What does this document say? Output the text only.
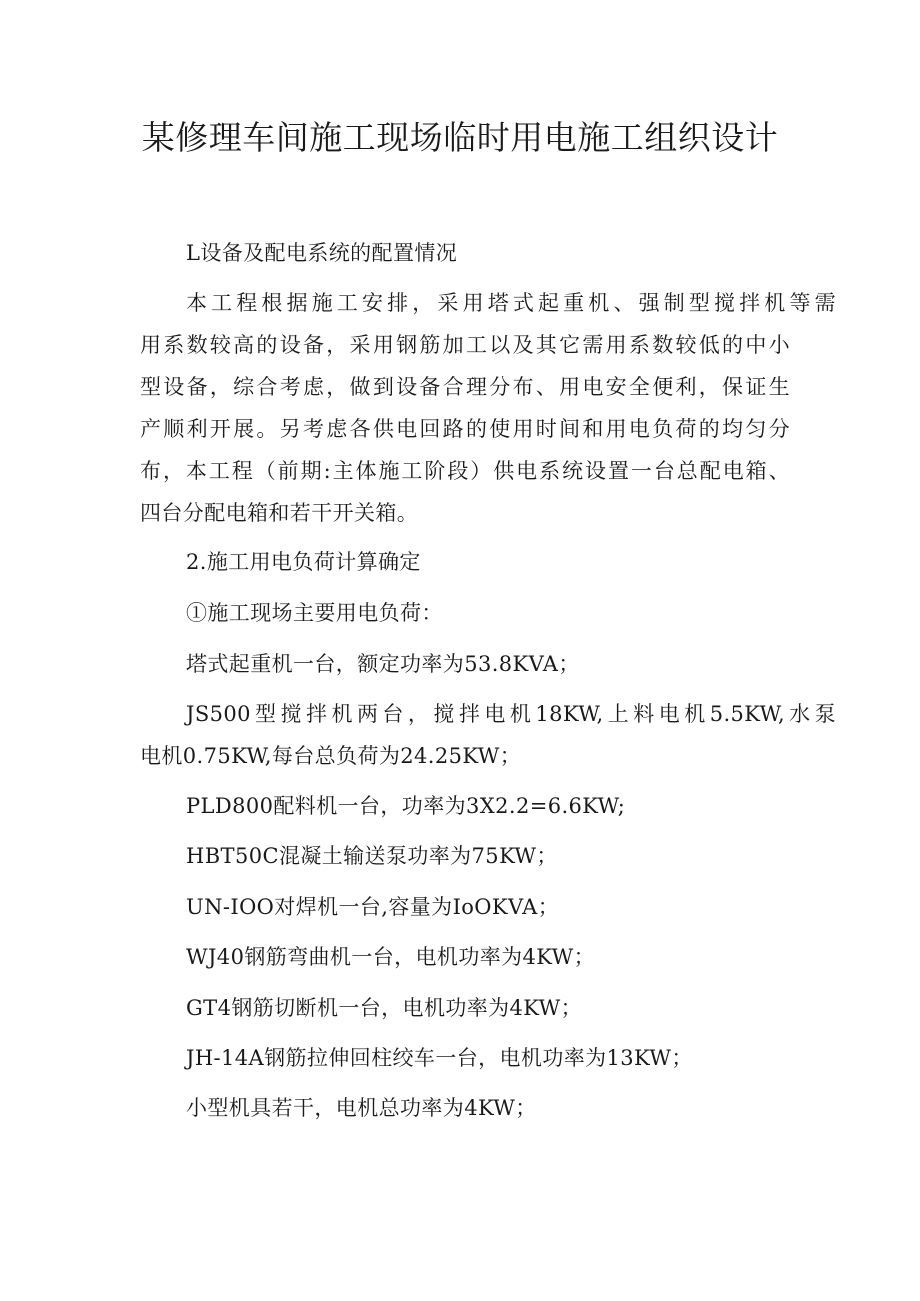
某修理车间施工现场临时用电施工组织设计

L设备及配电系统的配置情况

本工程根据施工安排，采用塔式起重机、强制型搅拌机等需

用系数较高的设备，采用钢筋加工以及其它需用系数较低的中小

型设备，综合考虑，做到设备合理分布、用电安全便利，保证生

产顺利开展。另考虑各供电回路的使用时间和用电负荷的均匀分

布，本工程（前期:主体施工阶段）供电系统设置一台总配电箱、

四台分配电箱和若干开关箱。

2.施工用电负荷计算确定

①施工现场主要用电负荷：

塔式起重机一台，额定功率为53.8KVA；

JS500型搅拌机两台，搅拌电机18KW,上料电机5.5KW,水泵

电机0.75KW,每台总负荷为24.25KW；

PLD800配料机一台，功率为3X2.2=6.6KW;

HBT50C混凝土输送泵功率为75KW；

UN-IOO对焊机一台,容量为IoOKVA；

WJ40钢筋弯曲机一台，电机功率为4KW；

GT4钢筋切断机一台，电机功率为4KW；

JH-14A钢筋拉伸回柱绞车一台，电机功率为13KW；

小型机具若干，电机总功率为4KW；
